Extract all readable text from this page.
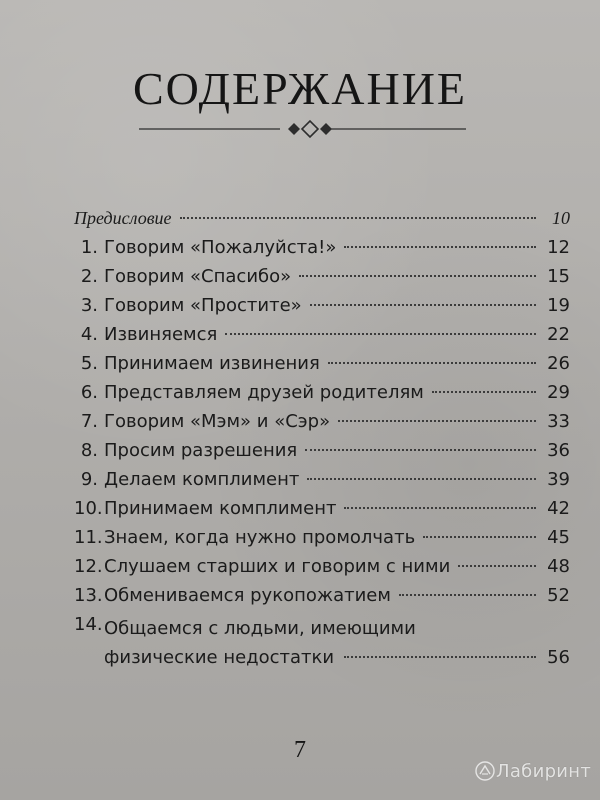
СОДЕРЖАНИЕ
Предисловие	10
1. Говорим «Пожалуйста!»	12
2. Говорим «Спасибо»	15
3. Говорим «Простите»	19
4. Извиняемся	22
5. Принимаем извинения	26
6. Представляем друзей родителям	29
7. Говорим «Мэм» и «Сэр»	33
8. Просим разрешения	36
9. Делаем комплимент	39
10. Принимаем комплимент	42
11. Знаем, когда нужно промолчать	45
12. Слушаем старших и говорим с ними	48
13. Обмениваемся рукопожатием	52
14. Общаемся с людьми, имеющими
физические недостатки	56
7
Лабиринт
